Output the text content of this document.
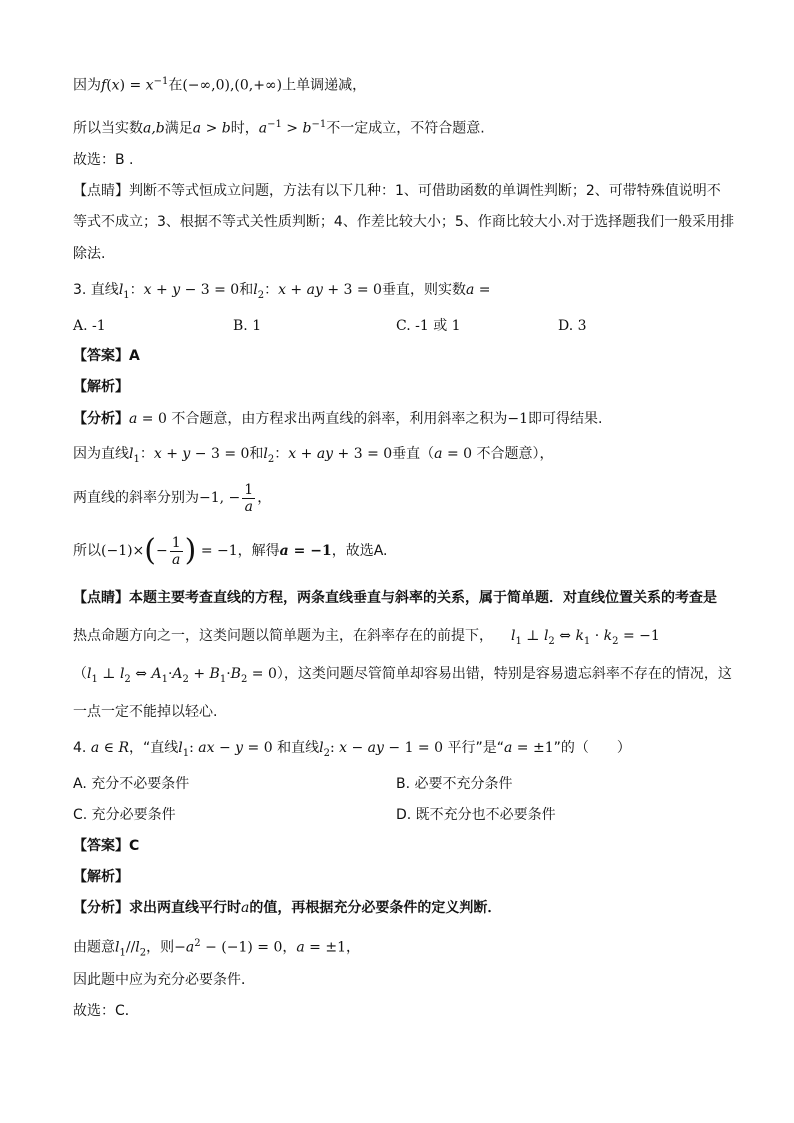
因为$f(x) = x^{-1}$在(−∞,0),(0,+∞)上单调递减，
所以当实数a,b满足a > b时，$a^{-1} > b^{-1}$不一定成立，不符合题意.
故选：B .
【点睛】判断不等式恒成立问题，方法有以下几种：1、可借助函数的单调性判断；2、可带特殊值说明不
等式不成立；3、根据不等式关性质判断；4、作差比较大小；5、作商比较大小.对于选择题我们一般采用排
除法.
3. 直线$l_1$：x + y − 3 = 0和$l_2$：x + ay + 3 = 0垂直，则实数a =
A. -1	B. 1	C. -1 或 1	D. 3
【答案】A
【解析】
【分析】a = 0 不合题意，由方程求出两直线的斜率，利用斜率之积为−1即可得结果.
因为直线$l_1$：x + y − 3 = 0和$l_2$：x + ay + 3 = 0垂直（a = 0 不合题意），
两直线的斜率分别为−1, − $\frac{1}{a}$ ，
所以$(-1)\times(- \frac{1}{a}$ ) = −1，解得a = −1，故选A.
【点睛】本题主要考查直线的方程，两条直线垂直与斜率的关系，属于简单题．对直线位置关系的考查是
热点命题方向之一，这类问题以简单题为主，在斜率存在的前提下， $l_1$ ⊥ $l_2$ ⇔ $k_1 \cdot k_2 = -1$
（$l_1$ ⊥ $l_2$ ⇔ $A_1\cdot A_2 + B_1\cdot B_2 = 0$），这类问题尽管简单却容易出错，特别是容易遗忘斜率不存在的情况，这
一点一定不能掉以轻心.
4. a ∈ R，“直线$l_1$: ax − y = 0 和直线$l_2$: x − ay − 1 = 0 平行”是“a = ±1”的（　　）
A. 充分不必要条件	B. 必要不充分条件
C. 充分必要条件	D. 既不充分也不必要条件
【答案】C
【解析】
【分析】求出两直线平行时a的值，再根据充分必要条件的定义判断．
由题意$l_1//l_2$，则$-a^2 - (-1) = 0$，a = ±1，
因此题中应为充分必要条件．
故选：C．
